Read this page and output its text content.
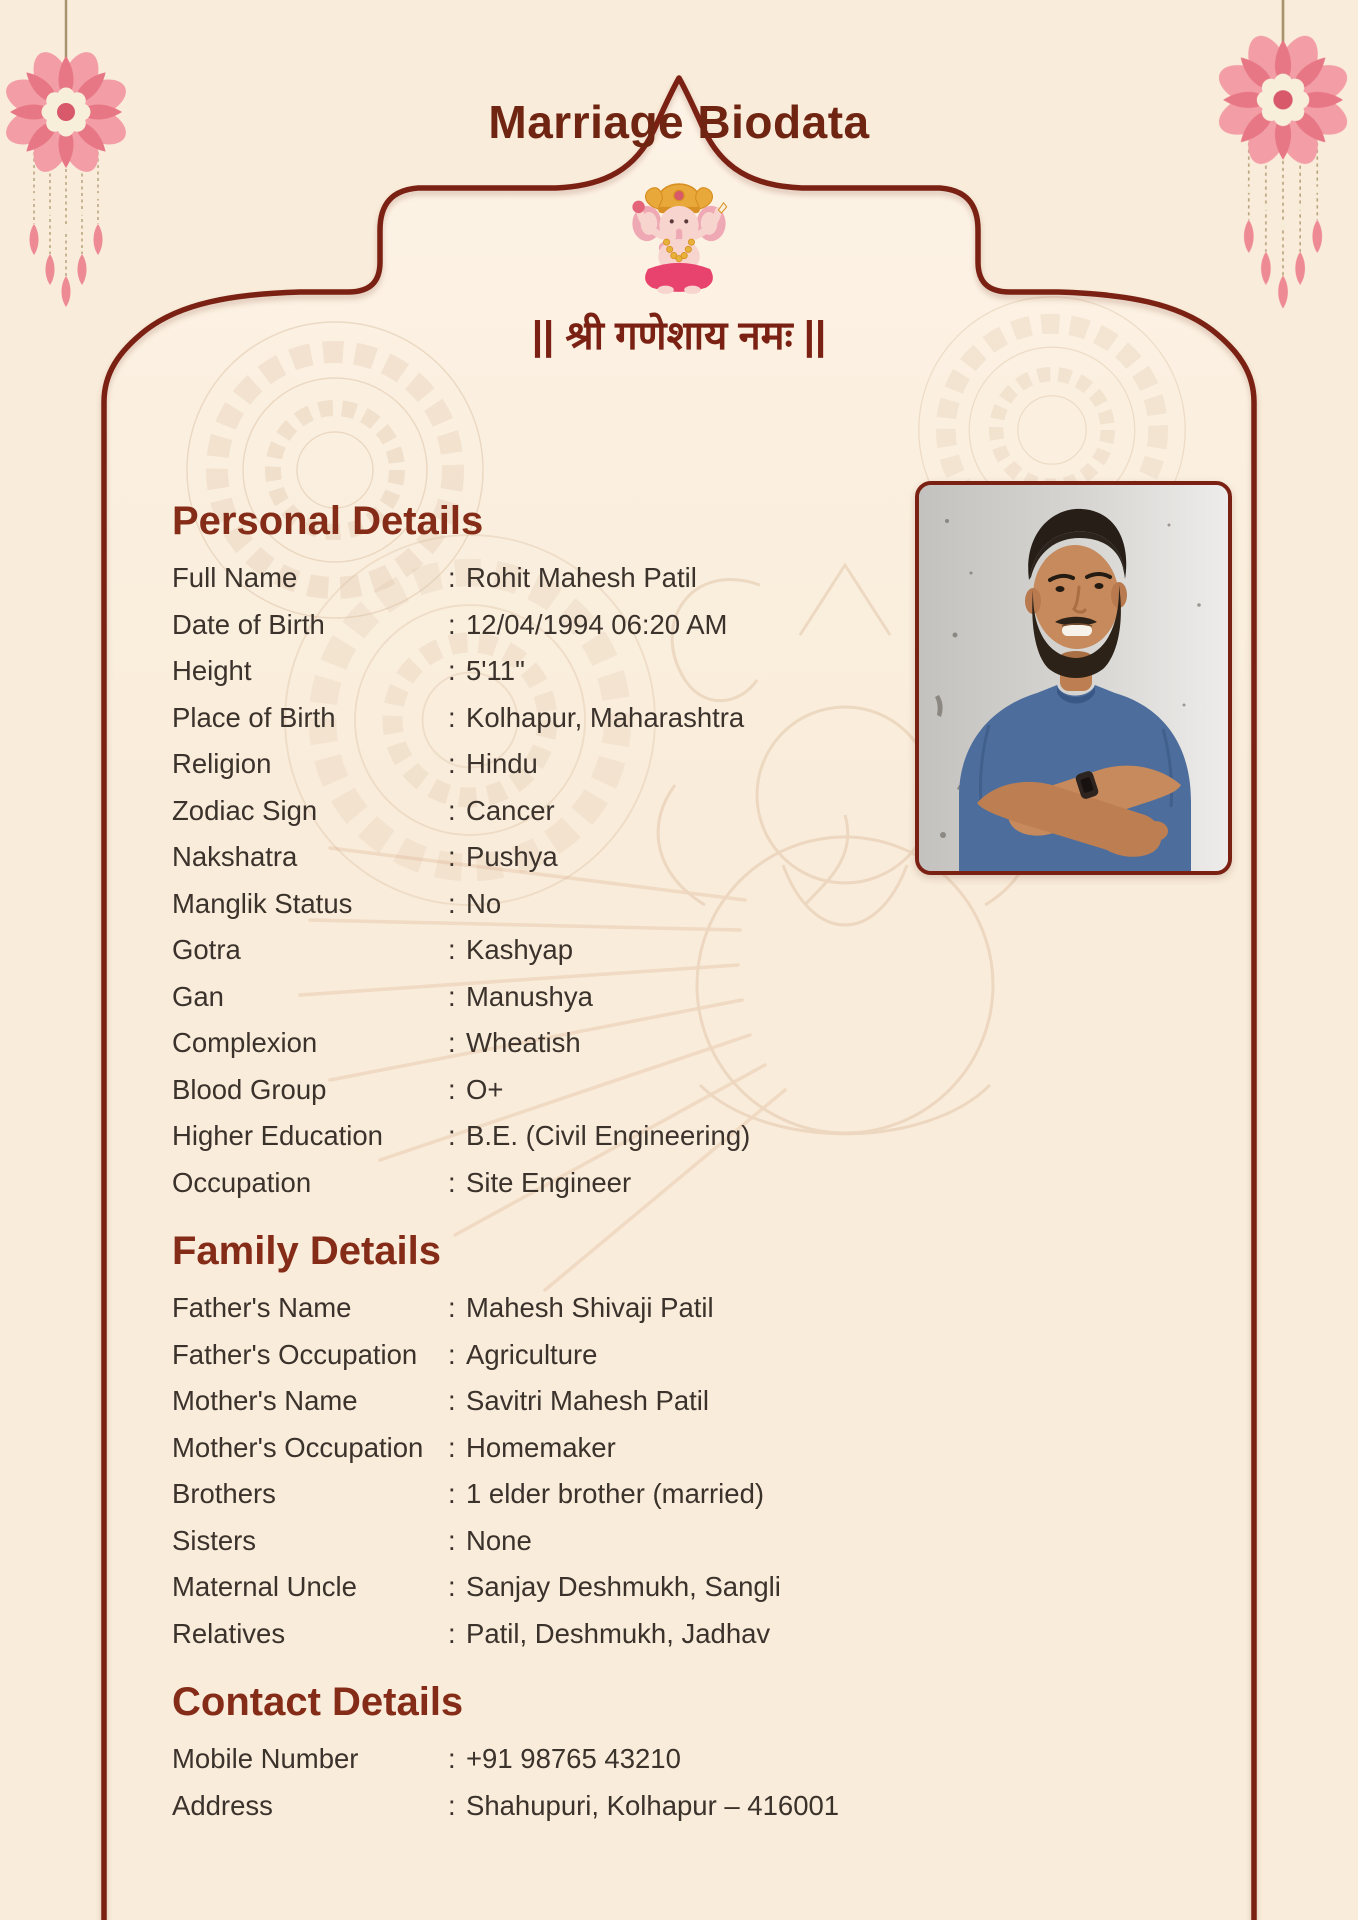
Marriage Biodata
|| श्री गणेशाय नमः ||
Personal Details
Full Name	: Rohit Mahesh Patil
Date of Birth	: 12/04/1994 06:20 AM
Height	: 5'11"
Place of Birth	: Kolhapur, Maharashtra
Religion	: Hindu
Zodiac Sign	: Cancer
Nakshatra	: Pushya
Manglik Status	: No
Gotra	: Kashyap
Gan	: Manushya
Complexion	: Wheatish
Blood Group	: O+
Higher Education	: B.E. (Civil Engineering)
Occupation	: Site Engineer
Family Details
Father's Name	: Mahesh Shivaji Patil
Father's Occupation	: Agriculture
Mother's Name	: Savitri Mahesh Patil
Mother's Occupation : Homemaker
Brothers	: 1 elder brother (married)
Sisters	: None
Maternal Uncle	: Sanjay Deshmukh, Sangli
Relatives	: Patil, Deshmukh, Jadhav
Contact Details
Mobile Number	: +91 98765 43210
Address	: Shahupuri, Kolhapur – 416001
